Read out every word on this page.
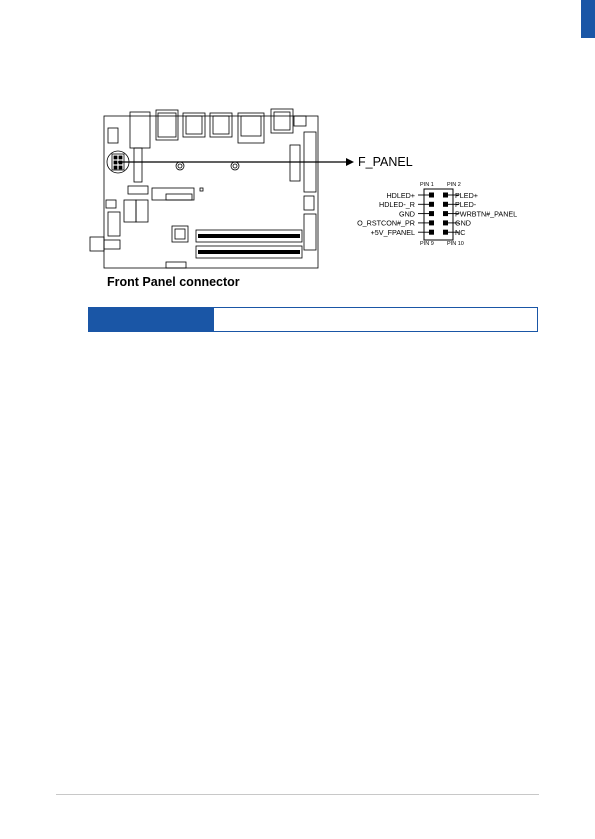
F_PANEL
PIN 1 PIN 2
PIN 9 PIN 10
HDLED+	PLED+
HDLED-_R	PLED-
GND	PWRBTN#_PANEL
O_RSTCON#_PR	GND
+5V_FPANEL	NC
Front Panel connector
